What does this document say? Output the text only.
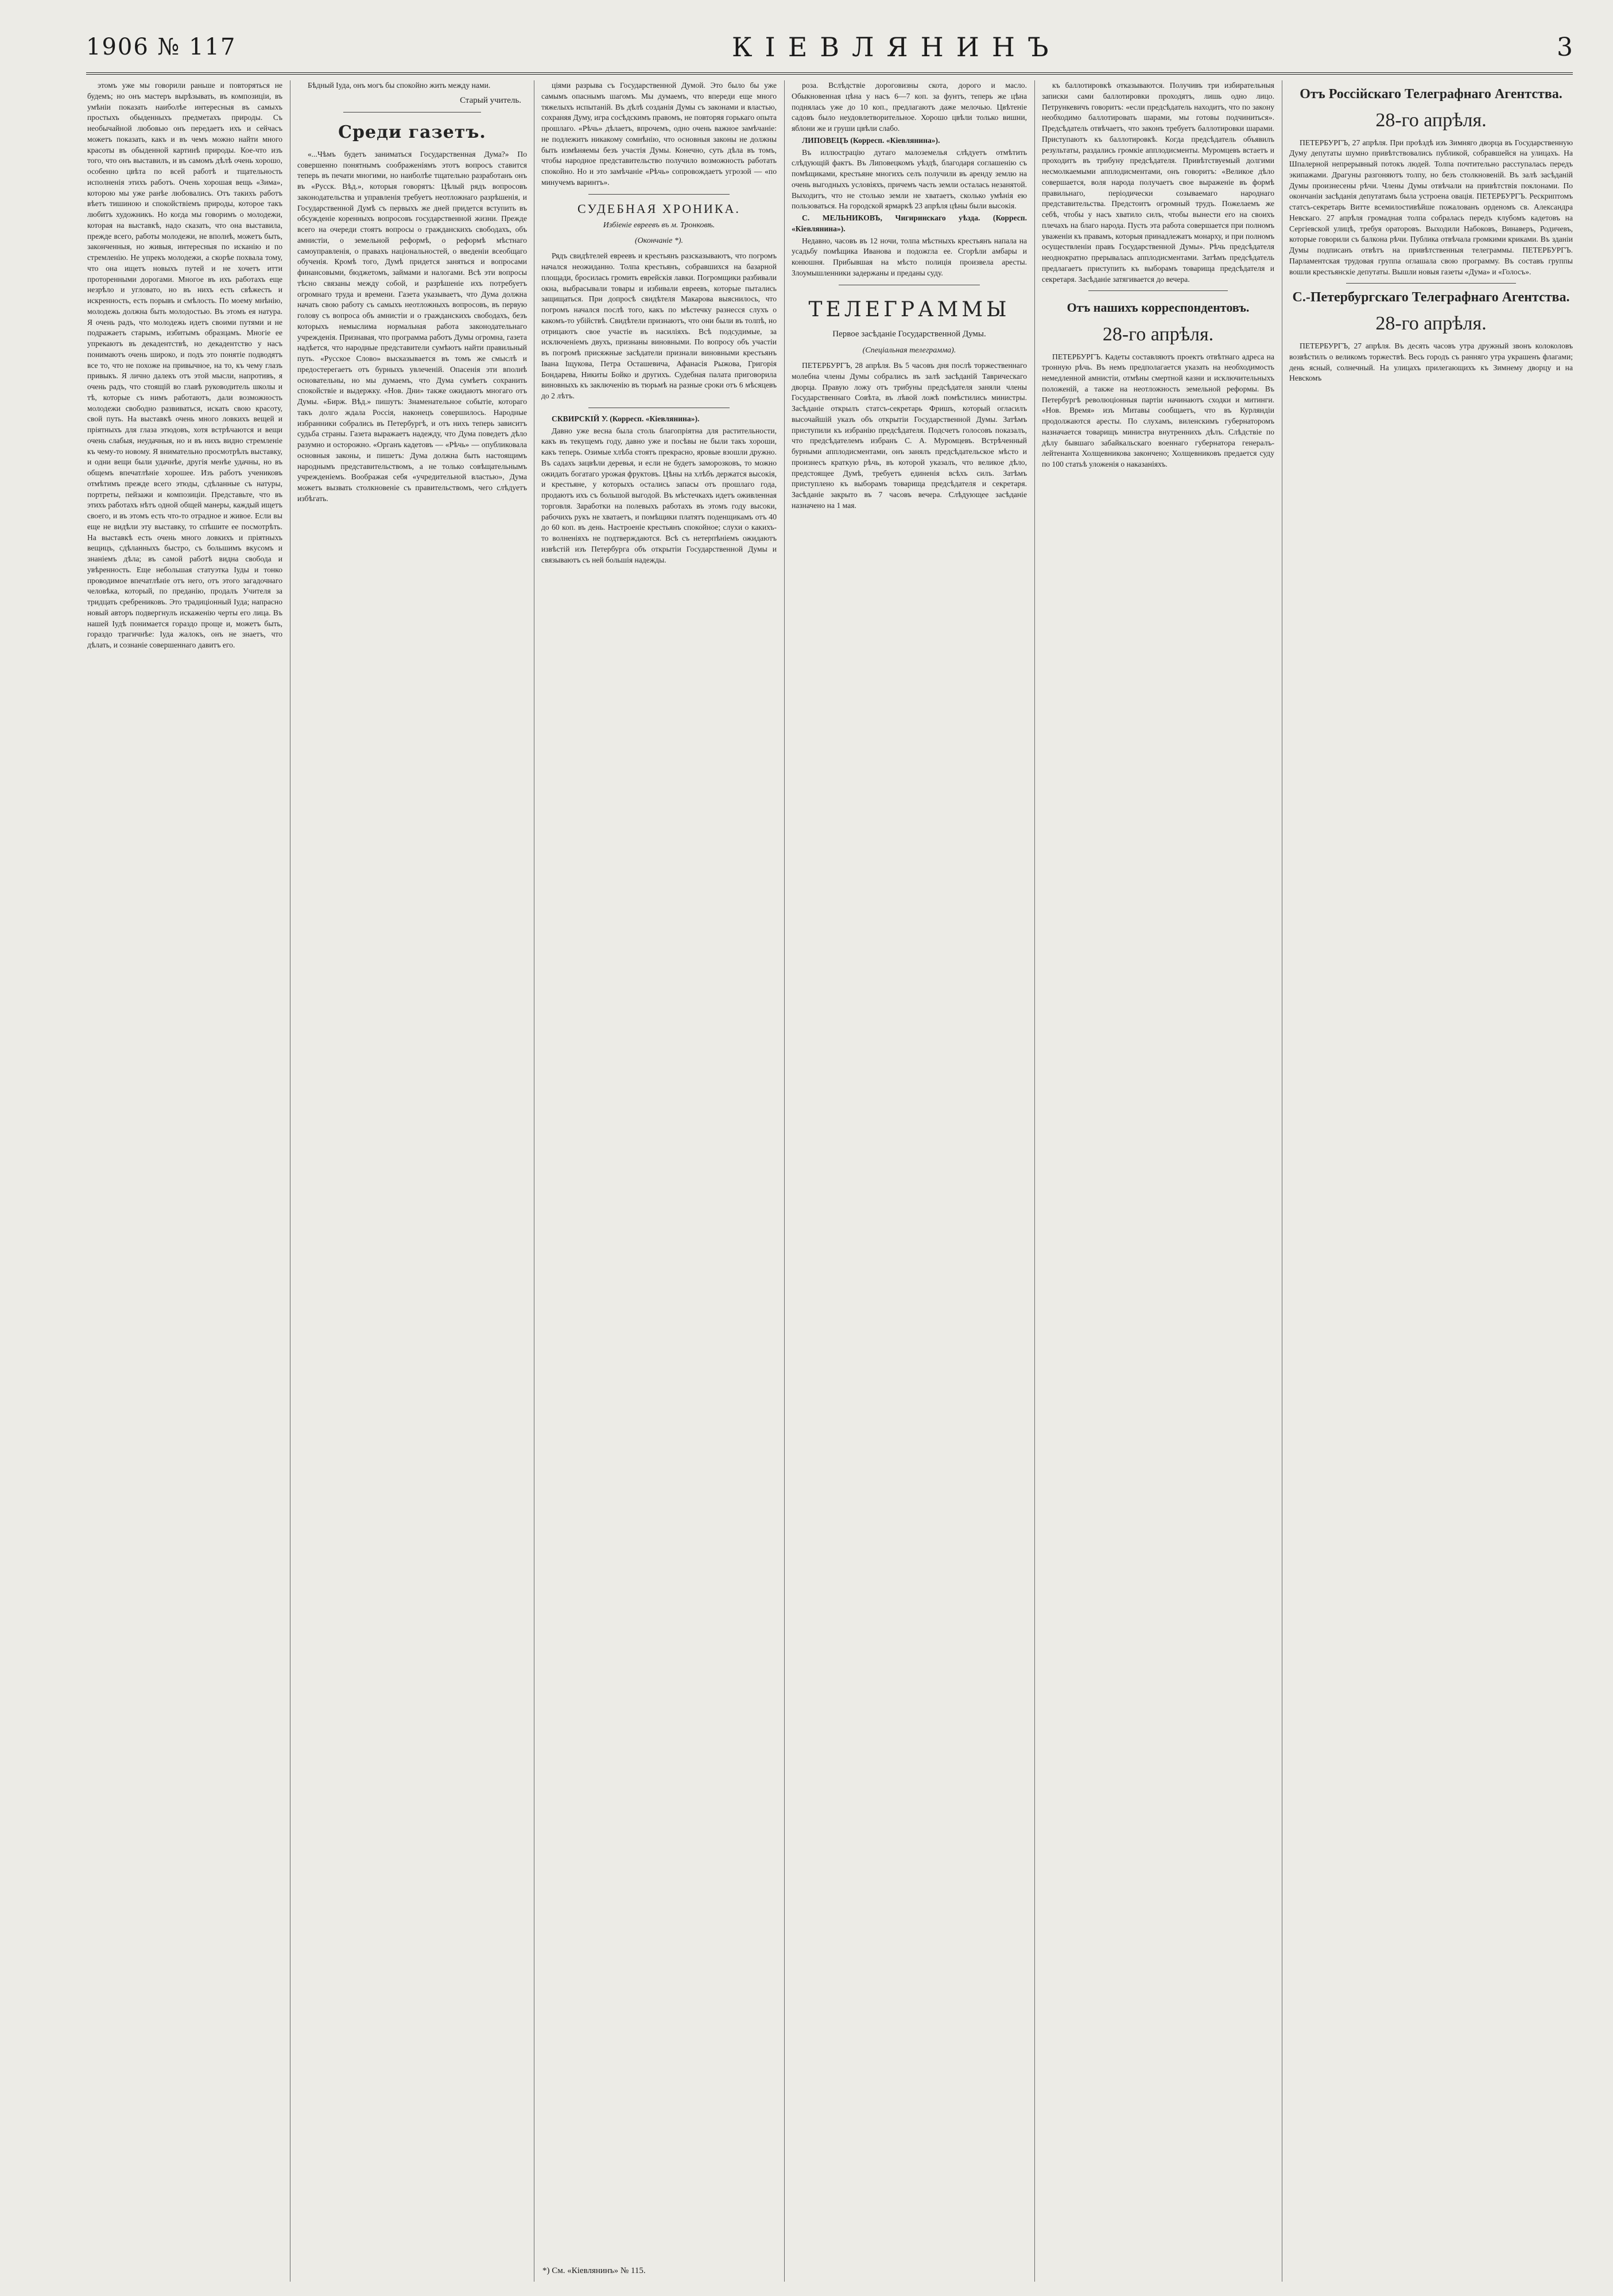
1906 № 117	КІЕВЛЯНИНЪ	3

этомъ уже мы говорили раньше и повторяться не будемъ; но онъ мастеръ вырѣзывать, въ композиціи, въ умѣніи показать наиболѣе интересныя въ самыхъ простыхъ обыденныхъ предметахъ природы. Съ необычайной любовью онъ передаетъ ихъ и сейчасъ можетъ показать, какъ и въ чемъ можно найти много красоты въ обыденной картинѣ природы. Кое-что изъ того, что онъ выставилъ, и въ самомъ дѣлѣ очень хорошо, особенно цвѣта по всей работѣ и тщательность исполненія этихъ работъ. Очень хорошая вещь «Зима», которою мы уже ранѣе любовались. Отъ такихъ работъ вѣетъ тишиною и спокойствіемъ природы, которое такъ любитъ художникъ. Но когда мы говоримъ о молодежи, которая на выставкѣ, надо сказать, что она выставила, прежде всего, работы молодежи, не вполнѣ, можетъ быть, законченныя, но живыя, интересныя по исканію и по стремленію. Не упрекъ молодежи, а скорѣе похвала тому, что она ищетъ новыхъ путей и не хочетъ итти проторенными дорогами. Многое въ ихъ работахъ еще незрѣло и угловато, но въ нихъ есть свѣжесть и искренность, есть порывъ и смѣлость. По моему мнѣнію, молодежь должна быть молодостью. Въ этомъ ея натура. Я очень радъ, что молодежь идетъ своими путями и не подражаетъ старымъ, избитымъ образцамъ. Многіе ее упрекаютъ въ декадентствѣ, но декадентство у насъ понимаютъ очень широко, и подъ это понятіе подводятъ все то, что не похоже на привычное, на то, къ чему глазъ привыкъ. Я лично далекъ отъ этой мысли, напротивъ, я очень радъ, что стоящій во главѣ руководитель школы и тѣ, которые съ нимъ работаютъ, дали возможность молодежи свободно развиваться, искать свою красоту, свой путь. На выставкѣ очень много ловкихъ вещей и пріятныхъ для глаза этюдовъ, хотя встрѣчаются и вещи очень слабыя, неудачныя, но и въ нихъ видно стремленіе къ чему-то новому. Я внимательно просмотрѣлъ выставку, и одни вещи были удачнѣе, другія менѣе удачны, но въ общемъ впечатлѣніе хорошее. Изъ работъ учениковъ отмѣтимъ прежде всего этюды, сдѣланные съ натуры, портреты, пейзажи и композиціи. Представьте, что въ этихъ работахъ нѣтъ одной общей манеры, каждый ищетъ своего, и въ этомъ есть что-то отрадное и живое. Если вы еще не видѣли эту выставку, то спѣшите ее посмотрѣть. На выставкѣ есть очень много ловкихъ и пріятныхъ вещицъ, сдѣланныхъ быстро, съ большимъ вкусомъ и знаніемъ дѣла; въ самой работѣ видна свобода и увѣренность. Еще небольшая статуэтка Іуды и тонко проводимое впечатлѣніе отъ него, отъ этого загадочнаго человѣка, который, по преданію, продалъ Учителя за тридцать сребрениковъ. Это традиціонный Іуда; напрасно новый авторъ подвергнулъ искаженію черты его лица. Въ нашей Іудѣ понимается гораздо проще и, можетъ быть, гораздо трагичнѣе: Іуда жалокъ, онъ не знаетъ, что дѣлать, и сознаніе совершеннаго давитъ его.

Бѣдный Іуда, онъ могъ бы спокойно жить между нами.

Старый учитель.
Среди газетъ.

«...Чѣмъ будетъ заниматься Государственная Дума?» По совершенно понятнымъ соображеніямъ этотъ вопросъ ставится теперь въ печати многими, но наиболѣе тщательно разработанъ онъ въ «Русск. Вѣд.», которыя говорятъ: Цѣлый рядъ вопросовъ законодательства и управленія требуетъ неотложнаго разрѣшенія, и Государственной Думѣ съ первыхъ же дней придется вступить въ обсужденіе коренныхъ вопросовъ государственной жизни. Прежде всего на очереди стоятъ вопросы о гражданскихъ свободахъ, объ амнистіи, о земельной реформѣ, о реформѣ мѣстнаго самоуправленія, о правахъ національностей, о введеніи всеобщаго обученія. Кромѣ того, Думѣ придется заняться и вопросами финансовыми, бюджетомъ, займами и налогами. Всѣ эти вопросы тѣсно связаны между собой, и разрѣшеніе ихъ потребуетъ огромнаго труда и времени. Газета указываетъ, что Дума должна начать свою работу съ самыхъ неотложныхъ вопросовъ, въ первую голову съ вопроса объ амнистіи и о гражданскихъ свободахъ, безъ которыхъ немыслима нормальная работа законодательнаго учрежденія. Признавая, что программа работъ Думы огромна, газета надѣется, что народные представители сумѣютъ найти правильный путь. «Русское Слово» высказывается въ томъ же смыслѣ и предостерегаетъ отъ бурныхъ увлеченій. Опасенія эти вполнѣ основательны, но мы думаемъ, что Дума сумѣетъ сохранить спокойствіе и выдержку. «Нов. Дни» также ожидаютъ многаго отъ Думы. «Бирж. Вѣд.» пишутъ: Знаменательное событіе, котораго такъ долго ждала Россія, наконецъ совершилось. Народные избранники собрались въ Петербургѣ, и отъ нихъ теперь зависитъ судьба страны. Газета выражаетъ надежду, что Дума поведетъ дѣло разумно и осторожно. «Органъ кадетовъ — «Рѣчь» — опубликовала основныя законы, и пишетъ: Дума должна быть настоящимъ народнымъ представительствомъ, а не только совѣщательнымъ учрежденіемъ. Воображая себя «учредительной властью», Дума можетъ вызвать столкновеніе съ правительствомъ, чего слѣдуетъ избѣгать.

ціями разрыва съ Государственной Думой. Это было бы уже самымъ опаснымъ шагомъ. Мы думаемъ, что впереди еще много тяжелыхъ испытаній. Въ дѣлѣ созданія Думы съ законами и властью, сохраняя Думу, игра сосѣдскимъ правомъ, не повторяя горькаго опыта прошлаго. «Рѣчь» дѣлаетъ, впрочемъ, одно очень важное замѣчаніе: не подлежитъ никакому сомнѣнію, что основныя законы не должны быть измѣняемы безъ участія Думы. Конечно, суть дѣла въ томъ, чтобы народное представительство получило возможность работать спокойно. Но и это замѣчаніе «Рѣчь» сопровождаетъ угрозой — «по минучемъ варинтъ».

СУДЕБНАЯ ХРОНИКА.
Избіеніе евреевъ въ м. Тронковѣ.
(Окончаніе *).

Рядъ свидѣтелей евреевъ и крестьянъ разсказываютъ, что погромъ начался неожиданно. Толпа крестьянъ, собравшихся на базарной площади, бросилась громить еврейскія лавки. Погромщики разбивали окна, выбрасывали товары и избивали евреевъ, которые пытались защищаться. При допросѣ свидѣтеля Макарова выяснилось, что погромъ начался послѣ того, какъ по мѣстечку разнесся слухъ о какомъ-то убійствѣ. Свидѣтели признаютъ, что они были въ толпѣ, но отрицаютъ свое участіе въ насиліяхъ. Всѣ подсудимые, за исключеніемъ двухъ, признаны виновными. По вопросу объ участіи въ погромѣ присяжные засѣдатели признали виновными крестьянъ Івана Іщукова, Петра Осташевича, Афанасія Рыжова, Григорія Бондарева, Никиты Бойко и другихъ. Судебная палата приговорила виновныхъ къ заключенію въ тюрьмѣ на разные сроки отъ 6 мѣсяцевъ до 2 лѣтъ.

СКВИРСКІЙ У. (Корресп. «Кіевлянина»).

Давно уже весна была столь благопріятна для растительности, какъ въ текущемъ году, давно уже и посѣвы не были такъ хороши, какъ теперь. Озимые хлѣба стоятъ прекрасно, яровые взошли дружно. Въ садахъ зацвѣли деревья, и если не будетъ заморозковъ, то можно ожидать богатаго урожая фруктовъ. Цѣны на хлѣбъ держатся высокія, и крестьяне, у которыхъ остались запасы отъ прошлаго года, продаютъ ихъ съ большой выгодой. Въ мѣстечкахъ идетъ оживленная торговля. Заработки на полевыхъ работахъ въ этомъ году высоки, рабочихъ рукъ не хватаетъ, и помѣщики платятъ поденщикамъ отъ 40 до 60 коп. въ день. Настроеніе крестьянъ спокойное; слухи о какихъ-то волненіяхъ не подтверждаются. Всѣ съ нетерпѣніемъ ожидаютъ извѣстій изъ Петербурга объ открытіи Государственной Думы и связываютъ съ ней большія надежды.

роза. Вслѣдствіе дороговизны скота, дорого и масло. Обыкновенная цѣна у насъ 6—7 коп. за фунтъ, теперь же цѣна поднялась уже до 10 коп., предлагаютъ даже мелочью. Цвѣтеніе садовъ было неудовлетворительное. Хорошо цвѣли только вишни, яблони же и груши цвѣли слабо.

ЛИПОВЕЦЪ (Корресп. «Кіевлянина»).

Въ иллюстрацію дутаго малоземелья слѣдуетъ отмѣтить слѣдующій фактъ. Въ Липовецкомъ уѣздѣ, благодаря соглашенію съ помѣщиками, крестьяне многихъ селъ получили въ аренду землю на очень выгодныхъ условіяхъ, причемъ часть земли осталась незанятой. Выходитъ, что не столько земли не хватаетъ, сколько умѣнія ею пользоваться. На городской ярмаркѣ 23 апрѣля цѣны были высокія.

С. МЕЛЬНИКОВЪ, Чигиринскаго уѣзда. (Корресп. «Кіевлянина»).

Недавно, часовъ въ 12 ночи, толпа мѣстныхъ крестьянъ напала на усадьбу помѣщика Иванова и подожгла ее. Сгорѣли амбары и конюшня. Прибывшая на мѣсто полиція произвела аресты. Злоумышленники задержаны и преданы суду.

ТЕЛЕГРАММЫ
Первое засѣданіе Государственной Думы.
(Спеціальная телеграмма).

ПЕТЕРБУРГЪ, 28 апрѣля. Въ 5 часовъ дня послѣ торжественнаго молебна члены Думы собрались въ залѣ засѣданій Таврическаго дворца. Правую ложу отъ трибуны предсѣдателя заняли члены Государственнаго Совѣта, въ лѣвой ложѣ помѣстились министры. Засѣданіе открылъ статсъ-секретарь Фришъ, который огласилъ высочайшій указъ объ открытіи Государственной Думы. Затѣмъ приступили къ избранію предсѣдателя. Подсчетъ голосовъ показалъ, что предсѣдателемъ избранъ С. А. Муромцевъ. Встрѣченный бурными апплодисментами, онъ занялъ предсѣдательское мѣсто и произнесъ краткую рѣчь, въ которой указалъ, что великое дѣло, предстоящее Думѣ, требуетъ единенія всѣхъ силъ. Затѣмъ приступлено къ выборамъ товарища предсѣдателя и секретаря. Засѣданіе закрыто въ 7 часовъ вечера. Слѣдующее засѣданіе назначено на 1 мая.

къ баллотировкѣ отказываются. Получивъ три избирательныя записки сами баллотировки проходятъ, лишь одно лицо. Петрункевичъ говоритъ: «если предсѣдатель находитъ, что по закону необходимо баллотировать шарами, мы готовы подчиниться». Предсѣдатель отвѣчаетъ, что законъ требуетъ баллотировки шарами. Приступаютъ къ баллотировкѣ. Когда предсѣдатель объявилъ результаты, раздались громкіе апплодисменты. Муромцевъ встаетъ и проходитъ въ трибуну предсѣдателя. Привѣтствуемый долгими несмолкаемыми апплодисментами, онъ говоритъ: «Великое дѣло совершается, воля народа получаетъ свое выраженіе въ формѣ правильнаго, періодически созываемаго народнаго представительства. Предстоитъ огромный трудъ. Пожелаемъ же себѣ, чтобы у насъ хватило силъ, чтобы вынести его на своихъ плечахъ на благо народа. Пусть эта работа совершается при полномъ уваженіи къ правамъ, которыя принадлежатъ монарху, и при полномъ осуществленіи правъ Государственной Думы». Рѣчь предсѣдателя неоднократно прерывалась апплодисментами. Затѣмъ предсѣдатель предлагаетъ приступить къ выборамъ товарища предсѣдателя и секретаря. Засѣданіе затягивается до вечера.

Отъ нашихъ корреспондентовъ.
28-го апрѣля.

ПЕТЕРБУРГЪ. Кадеты составляютъ проектъ отвѣтнаго адреса на тронную рѣчь. Въ немъ предполагается указать на необходимость немедленной амнистіи, отмѣны смертной казни и исключительныхъ положеній, а также на неотложность земельной реформы. Въ Петербургѣ революціонныя партіи начинаютъ сходки и митинги. «Нов. Время» изъ Митавы сообщаетъ, что въ Курляндіи продолжаются аресты. По слухамъ, виленскимъ губернаторомъ назначается товарищъ министра внутреннихъ дѣлъ. Слѣдствіе по дѣлу бывшаго забайкальскаго военнаго губернатора генералъ-лейтенанта Холщевникова закончено; Холщевниковъ предается суду по 100 статьѣ уложенія о наказаніяхъ.

Отъ Россійскаго Телеграфнаго Агентства.
28-го апрѣля.

ПЕТЕРБУРГЪ, 27 апрѣля. При проѣздѣ изъ Зимняго дворца въ Государственную Думу депутаты шумно привѣтствовались публикой, собравшейся на улицахъ. На Шпалерной непрерывный потокъ людей. Толпа почтительно расступалась передъ экипажами. Драгуны разгоняютъ толпу, но безъ столкновеній. Въ залѣ засѣданій Думы произнесены рѣчи. Члены Думы отвѣчали на привѣтствія поклонами. По окончаніи засѣданія депутатамъ была устроена овація. ПЕТЕРБУРГЪ. Рескриптомъ статсъ-секретарь Витте всемилостивѣйше пожалованъ орденомъ св. Александра Невскаго. 27 апрѣля громадная толпа собралась передъ клубомъ кадетовъ на Сергіевской улицѣ, требуя ораторовъ. Выходили Набоковъ, Винаверъ, Родичевъ, которые говорили съ балкона рѣчи. Публика отвѣчала громкими криками. Въ зданіи Думы подписанъ отвѣтъ на привѣтственныя телеграммы. ПЕТЕРБУРГЪ. Парламентская трудовая группа оглашала свою программу. Въ составъ группы вошли крестьянскіе депутаты. Вышли новыя газеты «Дума» и «Голосъ».

С.-Петербургскаго Телеграфнаго Агентства.
28-го апрѣля.

ПЕТЕРБУРГЪ, 27 апрѣля. Въ десять часовъ утра дружный звонъ колоколовъ возвѣстилъ о великомъ торжествѣ. Весь городъ съ ранняго утра украшенъ флагами; день ясный, солнечный. На улицахъ прилегающихъ къ Зимнему дворцу и на Невскомъ

*) См. «Кіевлянинъ» № 115.
